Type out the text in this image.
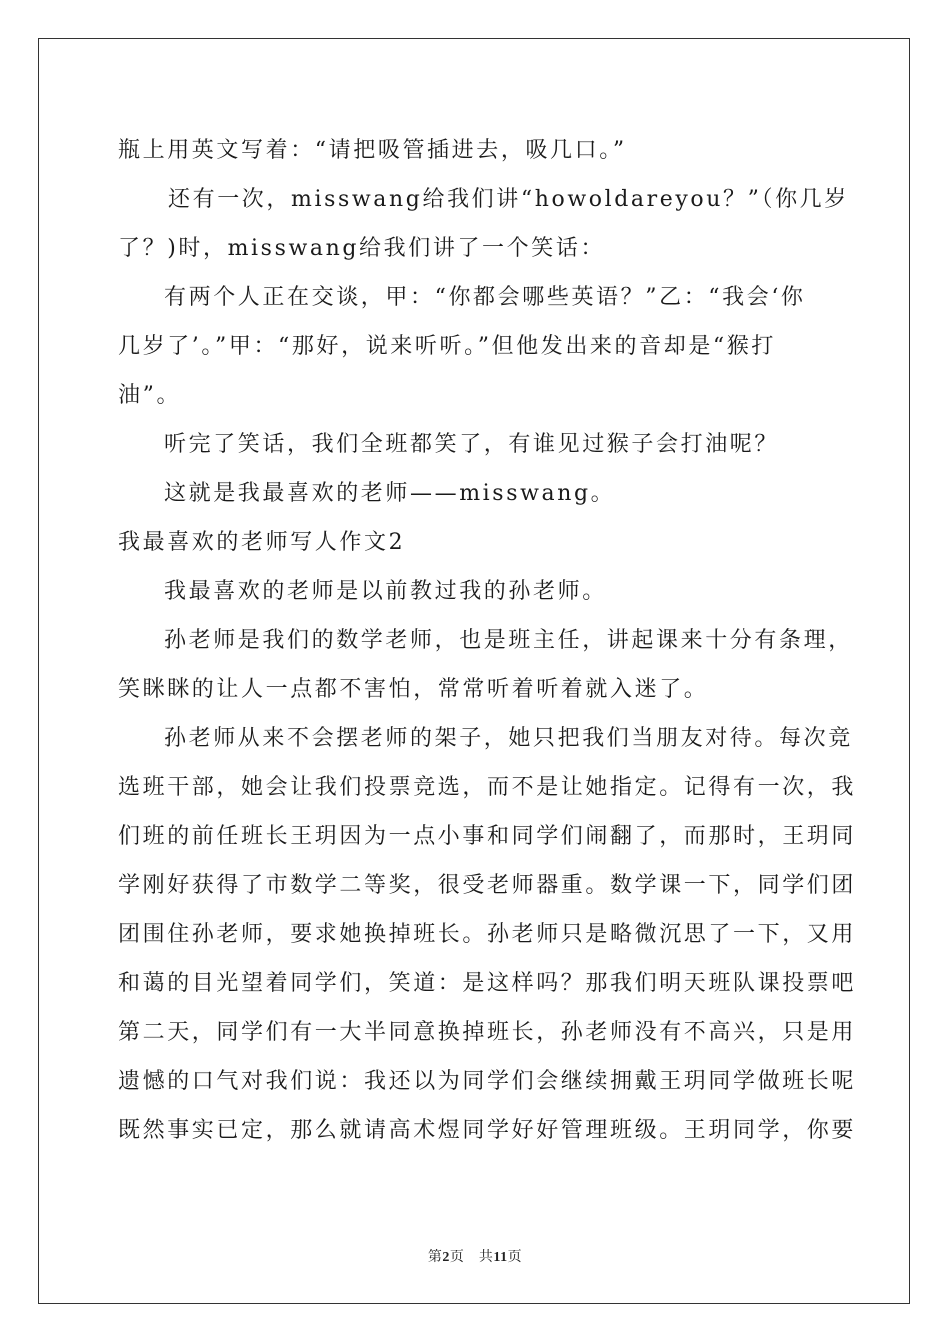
瓶上用英文写着：“请把吸管插进去，吸几口。”
还有一次，misswang给我们讲“howoldareyou？”（你几岁
了？)时，misswang给我们讲了一个笑话：
有两个人正在交谈，甲：“你都会哪些英语？”乙：“我会‘你
几岁了’。”甲：“那好，说来听听。”但他发出来的音却是“猴打
油”。
听完了笑话，我们全班都笑了，有谁见过猴子会打油呢？
这就是我最喜欢的老师——misswang。
我最喜欢的老师写人作文2
我最喜欢的老师是以前教过我的孙老师。
孙老师是我们的数学老师，也是班主任，讲起课来十分有条理，
笑眯眯的让人一点都不害怕，常常听着听着就入迷了。
孙老师从来不会摆老师的架子，她只把我们当朋友对待。每次竞
选班干部，她会让我们投票竞选，而不是让她指定。记得有一次，我
们班的前任班长王玥因为一点小事和同学们闹翻了，而那时，王玥同
学刚好获得了市数学二等奖，很受老师器重。数学课一下，同学们团
团围住孙老师，要求她换掉班长。孙老师只是略微沉思了一下，又用
和蔼的目光望着同学们，笑道：是这样吗？那我们明天班队课投票吧
第二天，同学们有一大半同意换掉班长，孙老师没有不高兴，只是用
遗憾的口气对我们说：我还以为同学们会继续拥戴王玥同学做班长呢
既然事实已定，那么就请高术煜同学好好管理班级。王玥同学，你要
第2页　共11页
